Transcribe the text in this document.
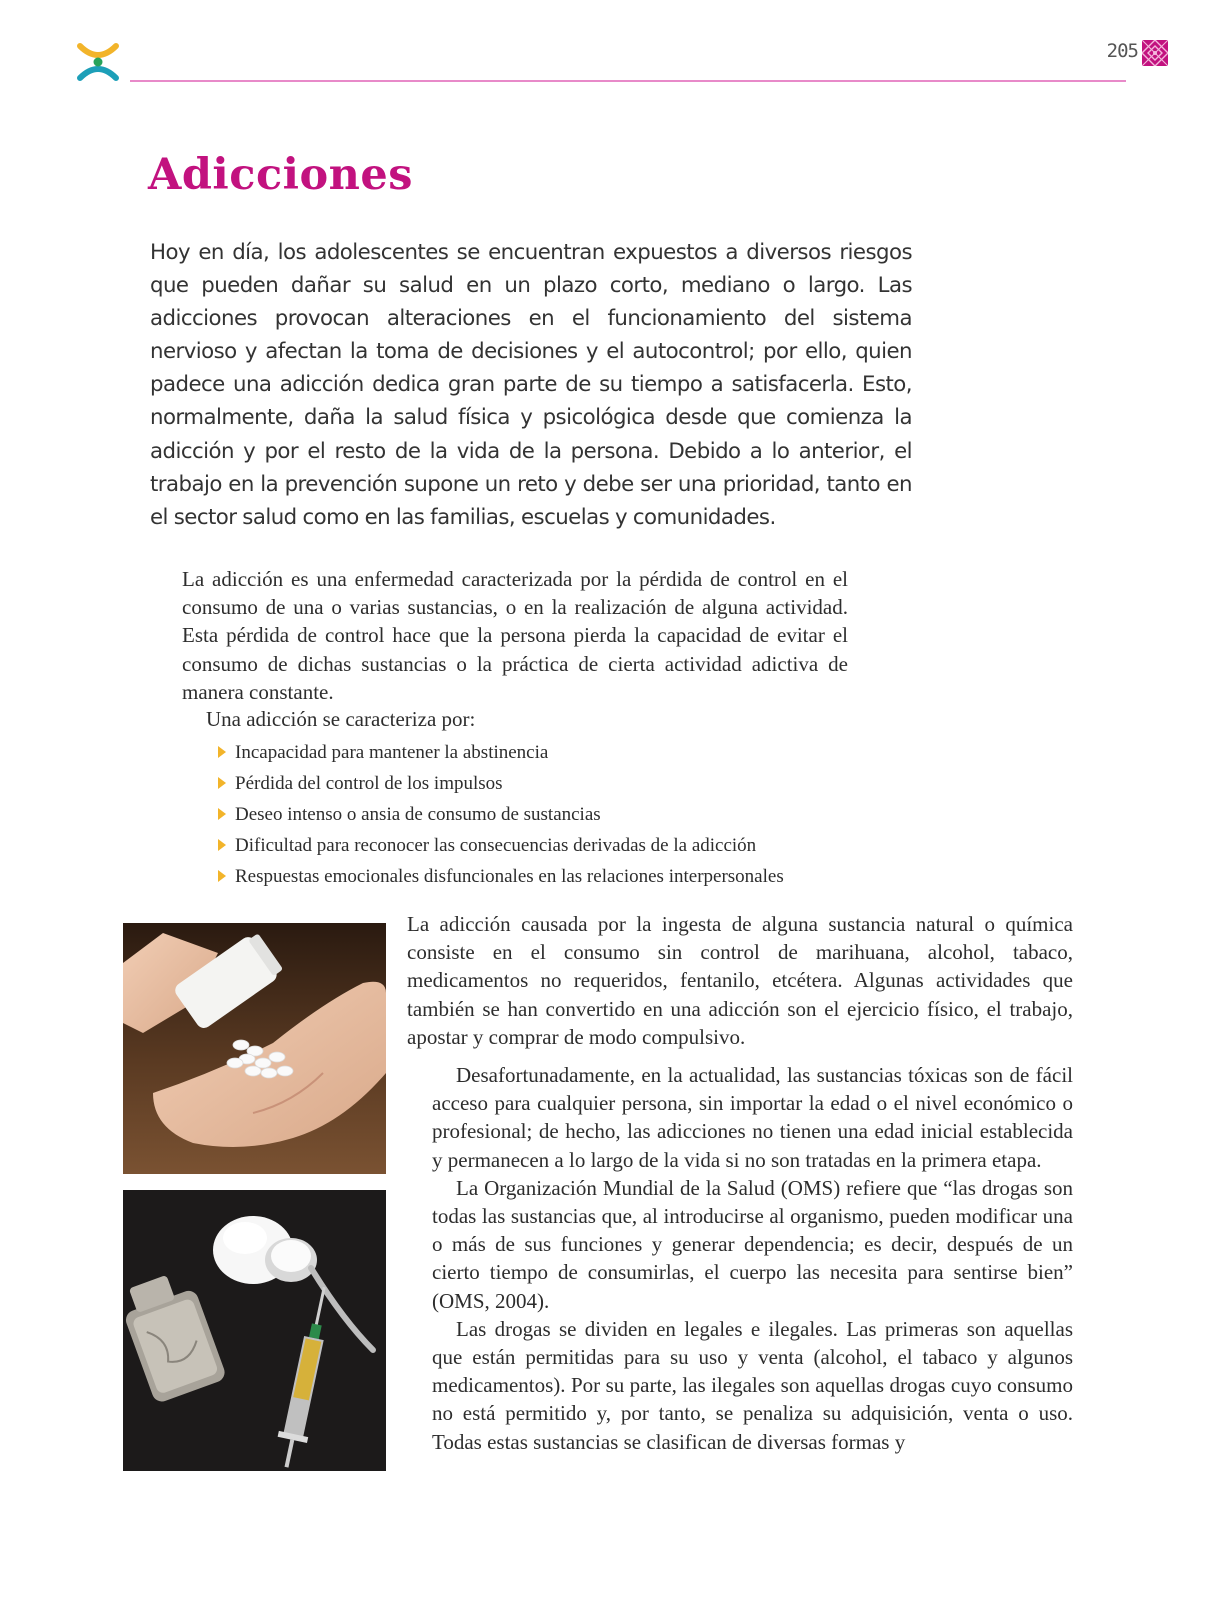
205
Adicciones

Hoy en día, los adolescentes se encuentran expuestos a diversos riesgos que pueden dañar su salud en un plazo corto, mediano o largo. Las adicciones provocan alteraciones en el funcionamiento del sistema nervioso y afectan la toma de decisiones y el autocontrol; por ello, quien padece una adicción dedica gran parte de su tiempo a satisfacerla. Esto, normalmente, daña la salud física y psicológica desde que comienza la adicción y por el resto de la vida de la persona. Debido a lo anterior, el trabajo en la prevención supone un reto y debe ser una prioridad, tanto en el sector salud como en las familias, escuelas y comunidades.

La adicción es una enfermedad caracterizada por la pérdida de control en el consumo de una o varias sustancias, o en la realización de alguna actividad. Esta pérdida de control hace que la persona pierda la capacidad de evitar el consumo de dichas sustancias o la práctica de cierta actividad adictiva de manera constante.

Una adicción se caracteriza por:

Incapacidad para mantener la abstinencia
Pérdida del control de los impulsos
Deseo intenso o ansia de consumo de sustancias
Dificultad para reconocer las consecuencias derivadas de la adicción
Respuestas emocionales disfuncionales en las relaciones interpersonales

La adicción causada por la ingesta de alguna sustancia natural o química consiste en el consumo sin control de marihuana, alcohol, tabaco, medicamentos no requeridos, fentanilo, etcétera. Algunas actividades que también se han convertido en una adicción son el ejercicio físico, el trabajo, apostar y comprar de modo compulsivo.

Desafortunadamente, en la actualidad, las sustancias tóxicas son de fácil acceso para cualquier persona, sin importar la edad o el nivel económico o profesional; de hecho, las adicciones no tienen una edad inicial establecida y permanecen a lo largo de la vida si no son tratadas en la primera etapa.

La Organización Mundial de la Salud (OMS) refiere que “las drogas son todas las sustancias que, al introducirse al organismo, pueden modificar una o más de sus funciones y generar dependencia; es decir, después de un cierto tiempo de consumirlas, el cuerpo las necesita para sentirse bien” (OMS, 2004).

Las drogas se dividen en legales e ilegales. Las primeras son aquellas que están permitidas para su uso y venta (alcohol, el tabaco y algunos medicamentos). Por su parte, las ilegales son aquellas drogas cuyo consumo no está permitido y, por tanto, se penaliza su adquisición, venta o uso. Todas estas sustancias se clasifican de diversas formas y
